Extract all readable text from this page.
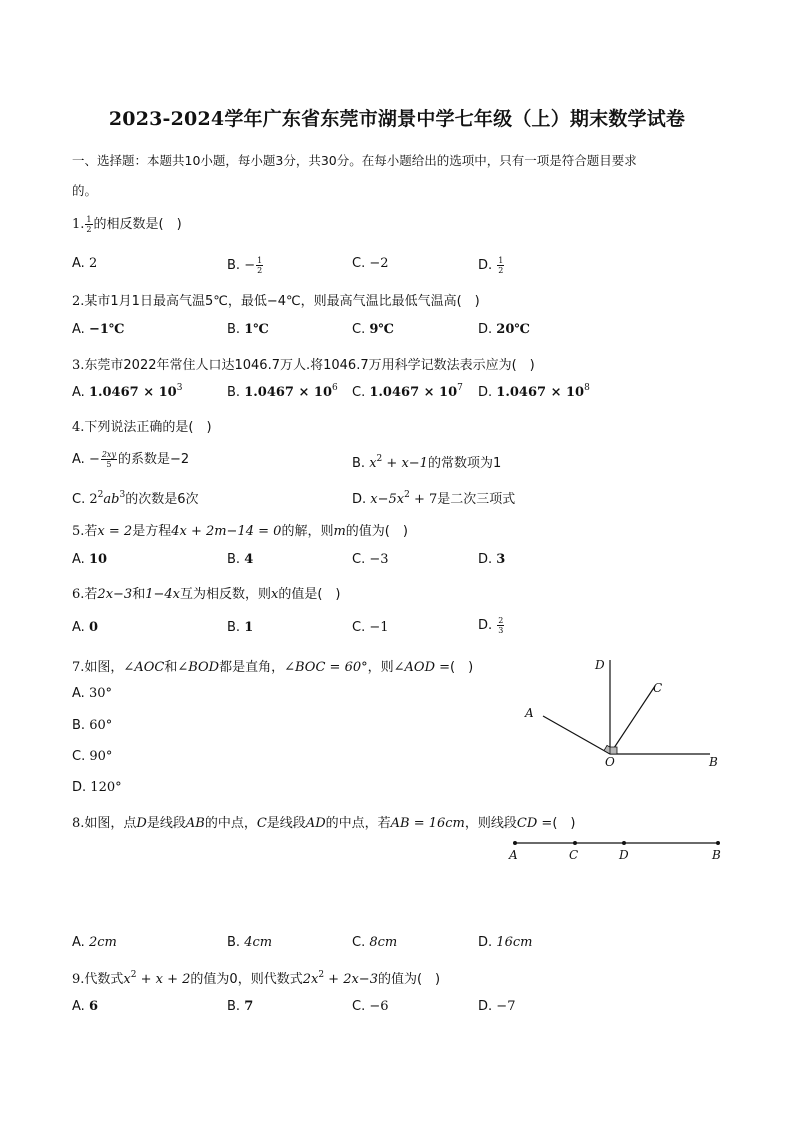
2023-2024学年广东省东莞市湖景中学七年级（上）期末数学试卷
一、选择题：本题共10小题，每小题3分，共30分。在每小题给出的选项中，只有一项是符合题目要求
的。
1. $\frac{1}{2}$ 的相反数是(　)
A. 2	B. − $\frac{1}{2}$	C. −2	D. $\frac{1}{2}$
2.某市1月1日最高气温5℃，最低−4℃，则最高气温比最低气温高(　)
A. −1℃	B. 1℃	C. 9℃	D. 20℃
3.东莞市2022年常住人口达1046.7万人.将1046.7万用科学记数法表示应为(　)
A. $1.0467 \times 10^3$	B. $1.0467 \times 10^6$ C. $1.0467 \times 10^7$ D. $1.0467 \times 10^8$
4.下列说法正确的是(　)
A. − $\frac{2xy}{5}$ 的系数是−2	B. $x^2 + x-1$的常数项为1
C. $2^2ab^3$的次数是6次	D. $x-5x^2 + 7$是二次三项式
5.若x = 2是方程4x + 2m−14 = 0的解，则m的值为(　)
A. 10	B. 4	C. −3	D. 3
6.若2x−3和1−4x互为相反数，则x的值是(　)
A. 0	B. 1	C. −1	D. $\frac{2}{3}$
7.如图，∠AOC和∠BOD都是直角，∠BOC = 60°，则∠AOD =(　)
A. 30°
B. 60°
C. 90°
D. 120°
D
C
A
O	B
8.如图，点D是线段AB的中点，C是线段AD的中点，若AB = 16cm，则线段CD =(　)
A	C	D	B
A. 2cm	B. 4cm	C. 8cm	D. 16cm
9.代数式$x^2 + x + 2$的值为0，则代数式$2x^2 + 2x-3$的值为(　)
A. 6	B. 7	C. −6	D. −7
